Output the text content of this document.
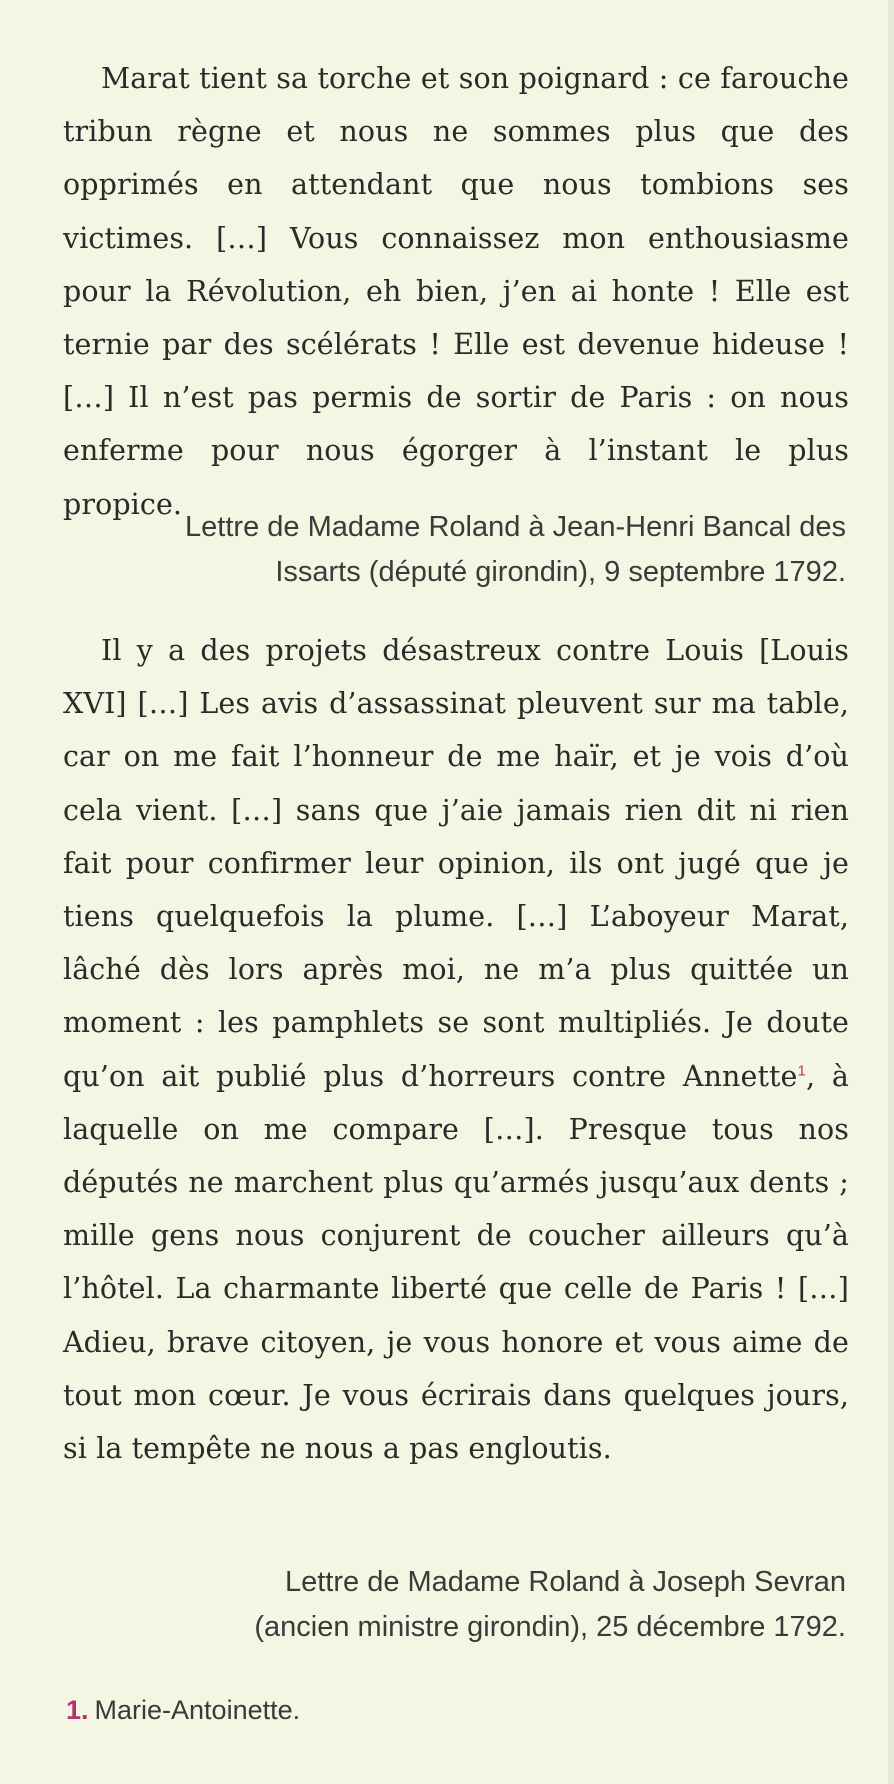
Marat tient sa torche et son poignard : ce farouche tribun règne et nous ne sommes plus que des opprimés en attendant que nous tombions ses victimes. […] Vous connaissez mon enthousiasme pour la Révolution, eh bien, j’en ai honte ! Elle est ternie par des scélérats ! Elle est devenue hideuse ! […] Il n’est pas permis de sortir de Paris : on nous enferme pour nous égorger à l’instant le plus propice.

Lettre de Madame Roland à Jean-Henri Bancal des
Issarts (député girondin), 9 septembre 1792.

Il y a des projets désastreux contre Louis [Louis XVI] […] Les avis d’assassinat pleuvent sur ma table, car on me fait l’honneur de me haïr, et je vois d’où cela vient. […] sans que j’aie jamais rien dit ni rien fait pour confirmer leur opinion, ils ont jugé que je tiens quelquefois la plume. […] L’aboyeur Marat, lâché dès lors après moi, ne m’a plus quittée un moment : les pamphlets se sont multipliés. Je doute qu’on ait publié plus d’horreurs contre Annette$^1$, à laquelle on me compare […]. Presque tous nos députés ne marchent plus qu’armés jusqu’aux dents ; mille gens nous conjurent de coucher ailleurs qu’à l’hôtel. La charmante liberté que celle de Paris ! […] Adieu, brave citoyen, je vous honore et vous aime de tout mon cœur. Je vous écrirais dans quelques jours, si la tempête ne nous a pas engloutis.

Lettre de Madame Roland à Joseph Sevran
(ancien ministre girondin), 25 décembre 1792.

1. Marie-Antoinette.
